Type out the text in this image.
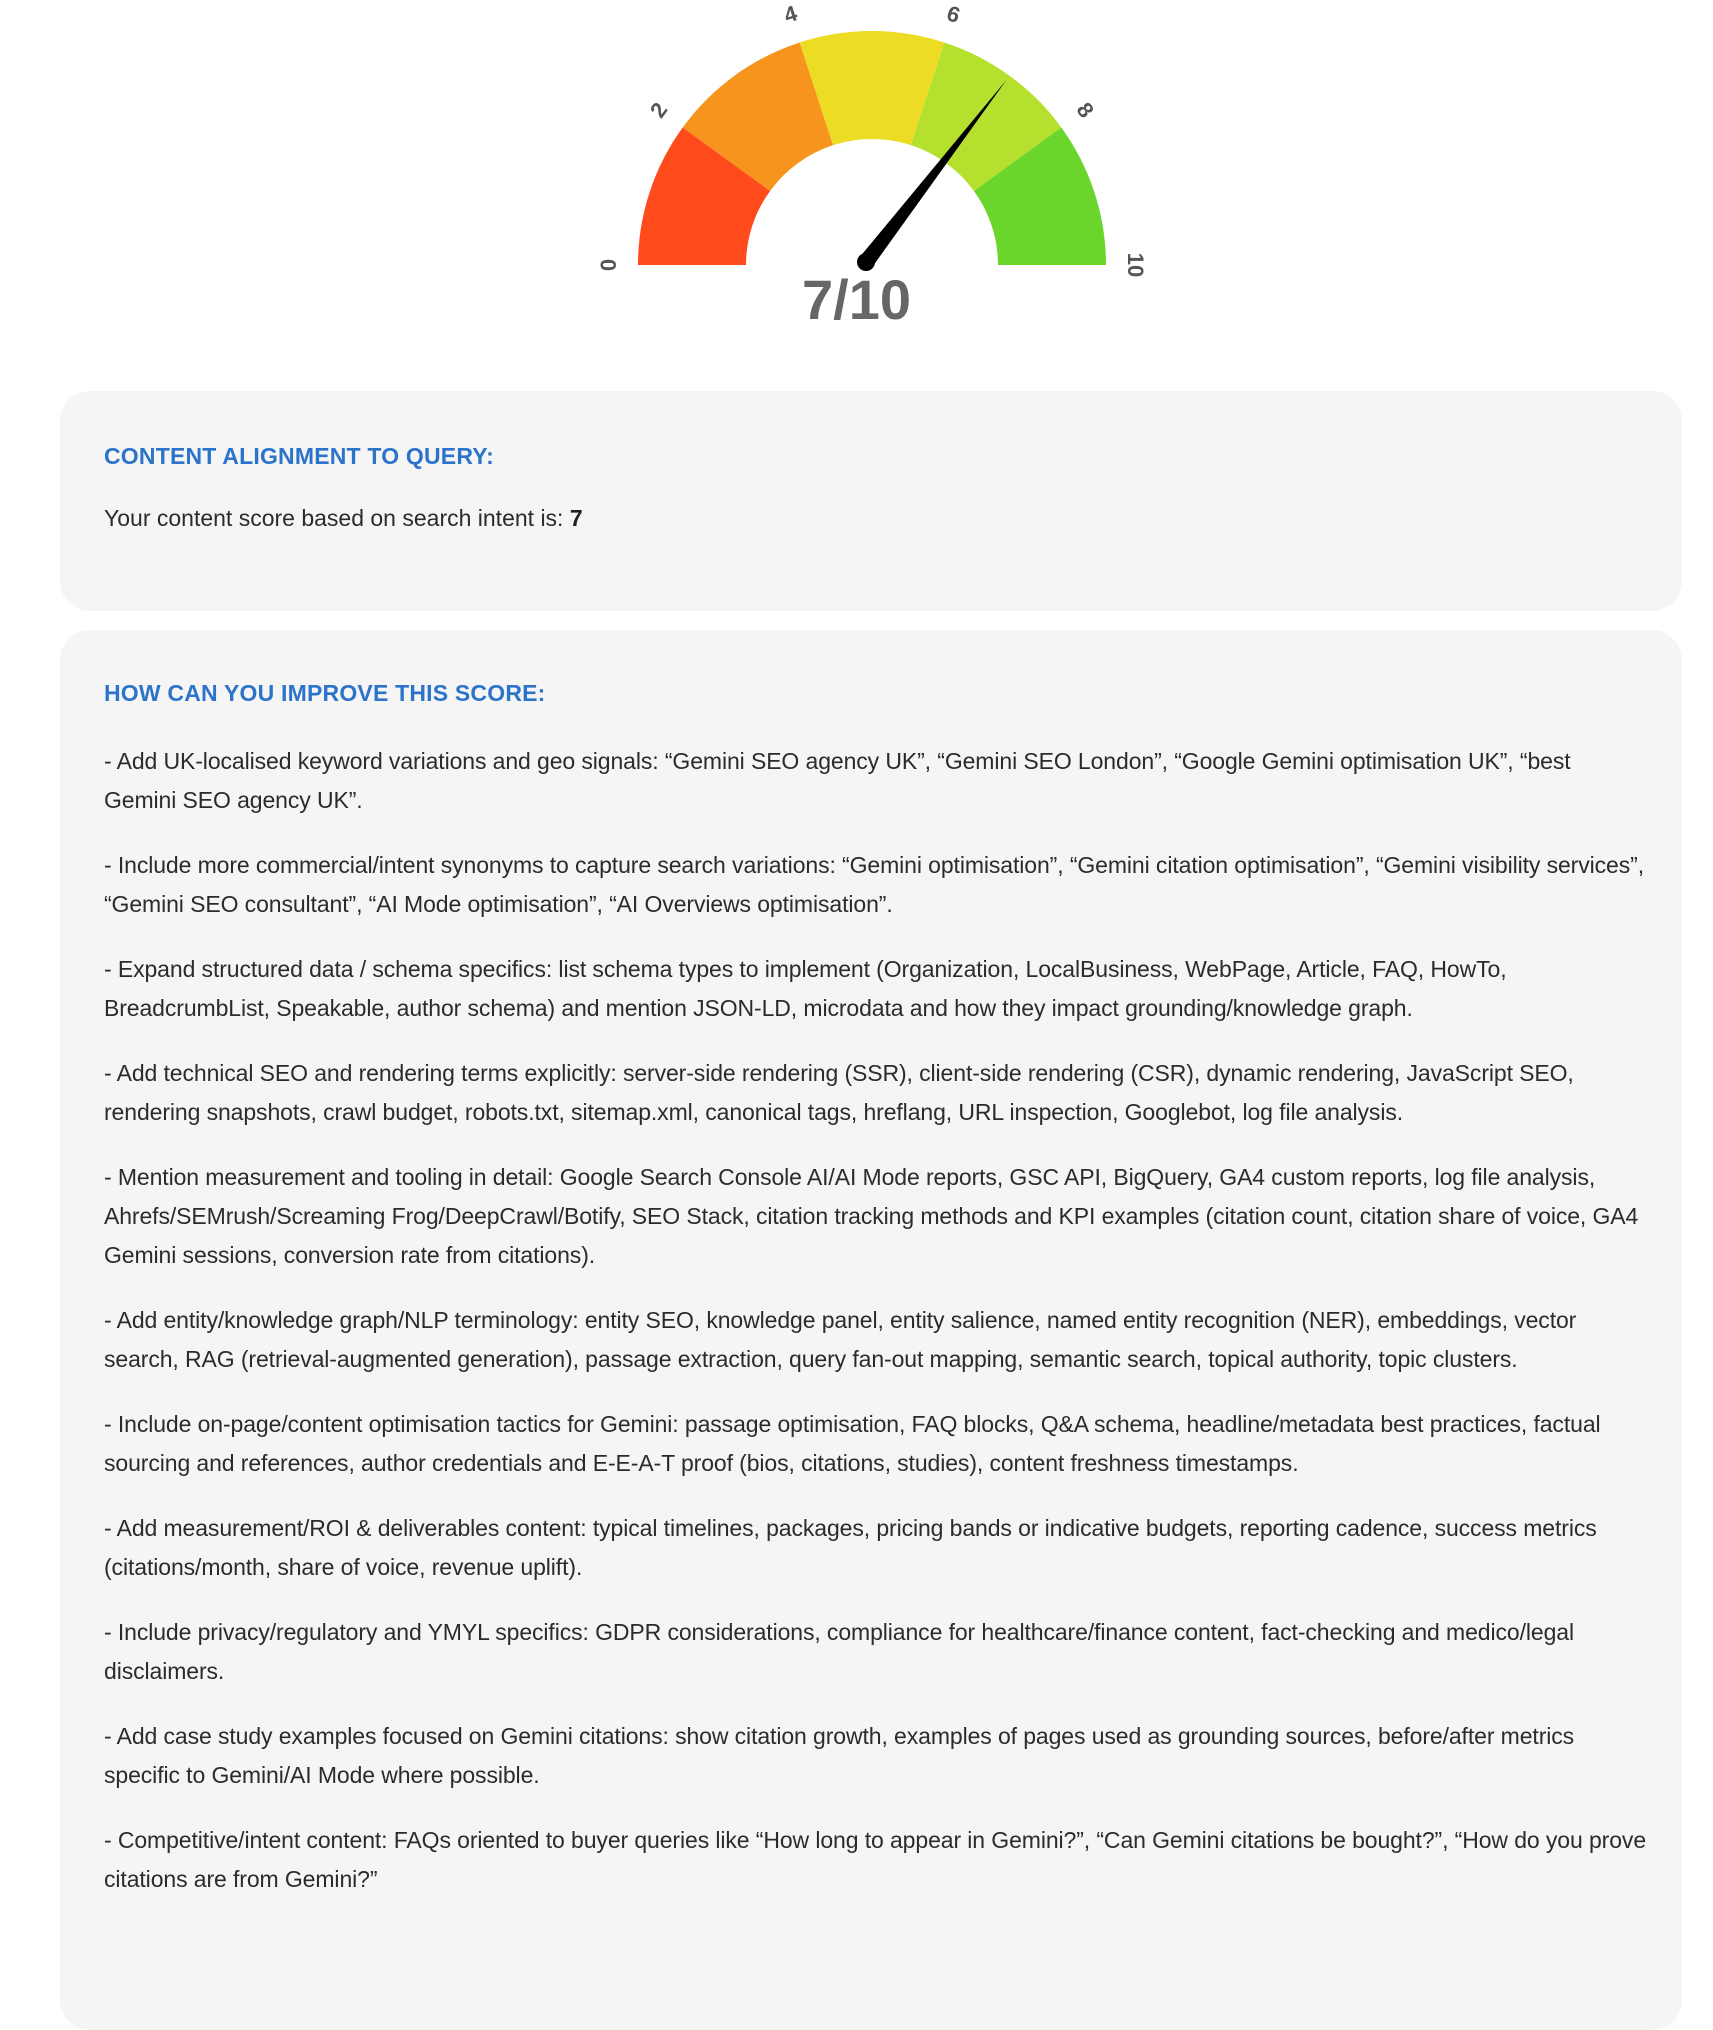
0
2
4	6
8
10
7/10
CONTENT ALIGNMENT TO QUERY:
Your content score based on search intent is: 7
HOW CAN YOU IMPROVE THIS SCORE:
- Add UK-localised keyword variations and geo signals: “Gemini SEO agency UK”, “Gemini SEO London”, “Google Gemini optimisation UK”, “best Gemini SEO agency UK”.
- Include more commercial/intent synonyms to capture search variations: “Gemini optimisation”, “Gemini citation optimisation”, “Gemini visibility services”, “Gemini SEO consultant”, “AI Mode optimisation”, “AI Overviews optimisation”.
- Expand structured data / schema specifics: list schema types to implement (Organization, LocalBusiness, WebPage, Article, FAQ, HowTo, BreadcrumbList, Speakable, author schema) and mention JSON-LD, microdata and how they impact grounding/knowledge graph.
- Add technical SEO and rendering terms explicitly: server-side rendering (SSR), client-side rendering (CSR), dynamic rendering, JavaScript SEO, rendering snapshots, crawl budget, robots.txt, sitemap.xml, canonical tags, hreflang, URL inspection, Googlebot, log file analysis.
- Mention measurement and tooling in detail: Google Search Console AI/AI Mode reports, GSC API, BigQuery, GA4 custom reports, log file analysis, Ahrefs/SEMrush/Screaming Frog/DeepCrawl/Botify, SEO Stack, citation tracking methods and KPI examples (citation count, citation share of voice, GA4 Gemini sessions, conversion rate from citations).
- Add entity/knowledge graph/NLP terminology: entity SEO, knowledge panel, entity salience, named entity recognition (NER), embeddings, vector search, RAG (retrieval-augmented generation), passage extraction, query fan-out mapping, semantic search, topical authority, topic clusters.
- Include on-page/content optimisation tactics for Gemini: passage optimisation, FAQ blocks, Q&A schema, headline/metadata best practices, factual sourcing and references, author credentials and E-E-A-T proof (bios, citations, studies), content freshness timestamps.
- Add measurement/ROI & deliverables content: typical timelines, packages, pricing bands or indicative budgets, reporting cadence, success metrics (citations/month, share of voice, revenue uplift).
- Include privacy/regulatory and YMYL specifics: GDPR considerations, compliance for healthcare/finance content, fact-checking and medico/legal disclaimers.
- Add case study examples focused on Gemini citations: show citation growth, examples of pages used as grounding sources, before/after metrics specific to Gemini/AI Mode where possible.
- Competitive/intent content: FAQs oriented to buyer queries like “How long to appear in Gemini?”, “Can Gemini citations be bought?”, “How do you prove citations are from Gemini?”
